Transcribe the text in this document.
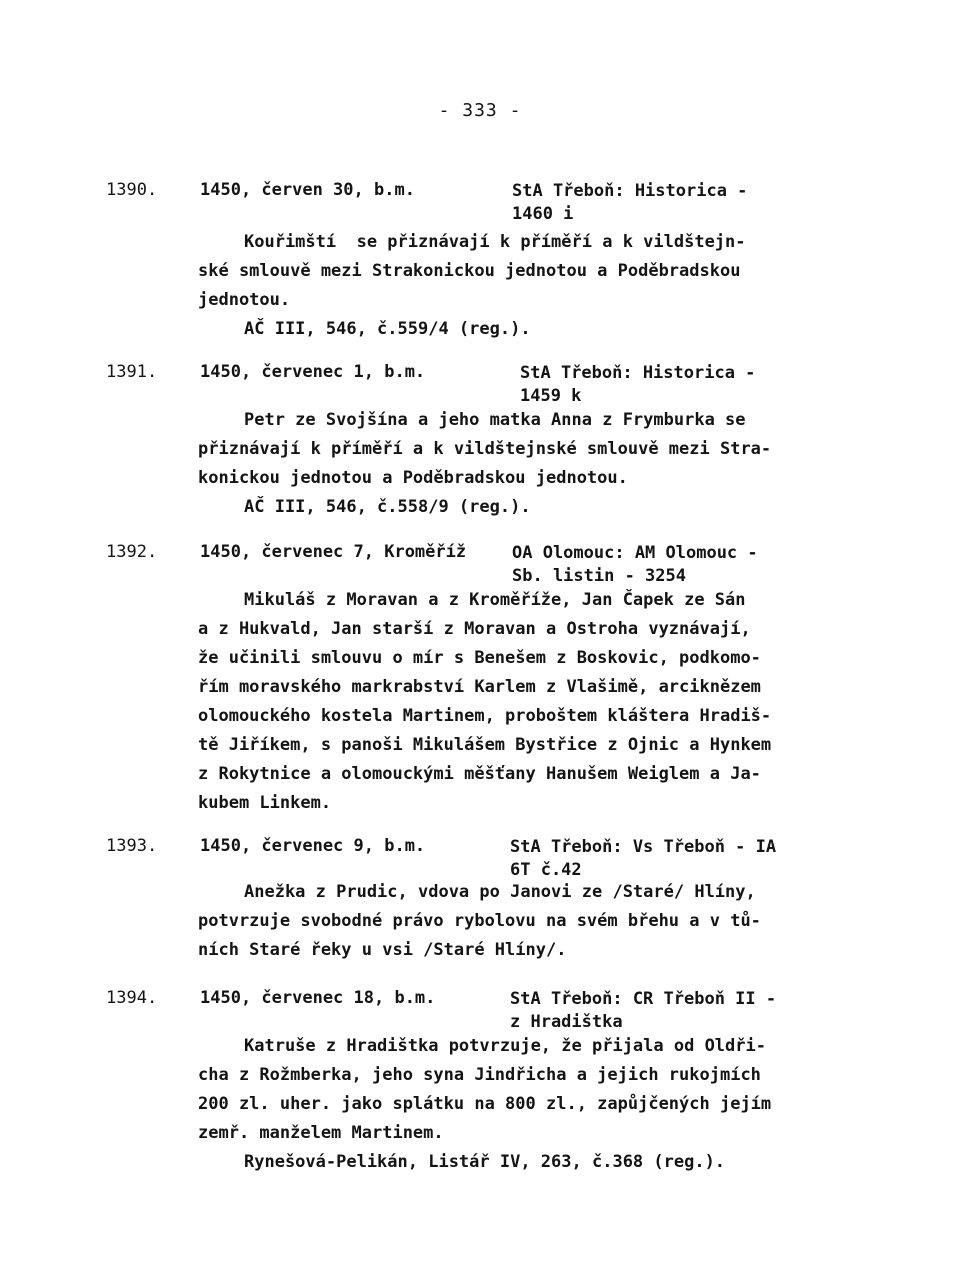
- 333 -
1390.	1450, červen 30, b.m.	StA Třeboň: Historica -
1460 i
Kouřimští  se přiznávají k příměří a k vildštejn-
ské smlouvě mezi Strakonickou jednotou a Poděbradskou
jednotou.
AČ III, 546, č.559/4 (reg.).
1391.	1450, červenec 1, b.m.	StA Třeboň: Historica -
1459 k
Petr ze Svojšína a jeho matka Anna z Frymburka se
přiznávají k příměří a k vildštejnské smlouvě mezi Stra-
konickou jednotou a Poděbradskou jednotou.
AČ III, 546, č.558/9 (reg.).
1392.	1450, červenec 7, Kroměříž	OA Olomouc: AM Olomouc -
Sb. listin - 3254
Mikuláš z Moravan a z Kroměříže, Jan Čapek ze Sán
a z Hukvald, Jan starší z Moravan a Ostroha vyznávají,
že učinili smlouvu o mír s Benešem z Boskovic, podkomo-
řím moravského markrabství Karlem z Vlašimě, arciknězem
olomouckého kostela Martinem, proboštem kláštera Hradiš-
tě Jiříkem, s panoši Mikulášem Bystřice z Ojnic a Hynkem
z Rokytnice a olomouckými měšťany Hanušem Weiglem a Ja-
kubem Linkem.
1393.	1450, červenec 9, b.m.	StA Třeboň: Vs Třeboň - IA
6T č.42
Anežka z Prudic, vdova po Janovi ze /Staré/ Hlíny,
potvrzuje svobodné právo rybolovu na svém břehu a v tů-
ních Staré řeky u vsi /Staré Hlíny/.
1394.	1450, červenec 18, b.m.	StA Třeboň: CR Třeboň II -
z Hradištka
Katruše z Hradištka potvrzuje, že přijala od Oldři-
cha z Rožmberka, jeho syna Jindřicha a jejich rukojmích
200 zl. uher. jako splátku na 800 zl., zapůjčených jejím
zemř. manželem Martinem.
Rynešová-Pelikán, Listář IV, 263, č.368 (reg.).
